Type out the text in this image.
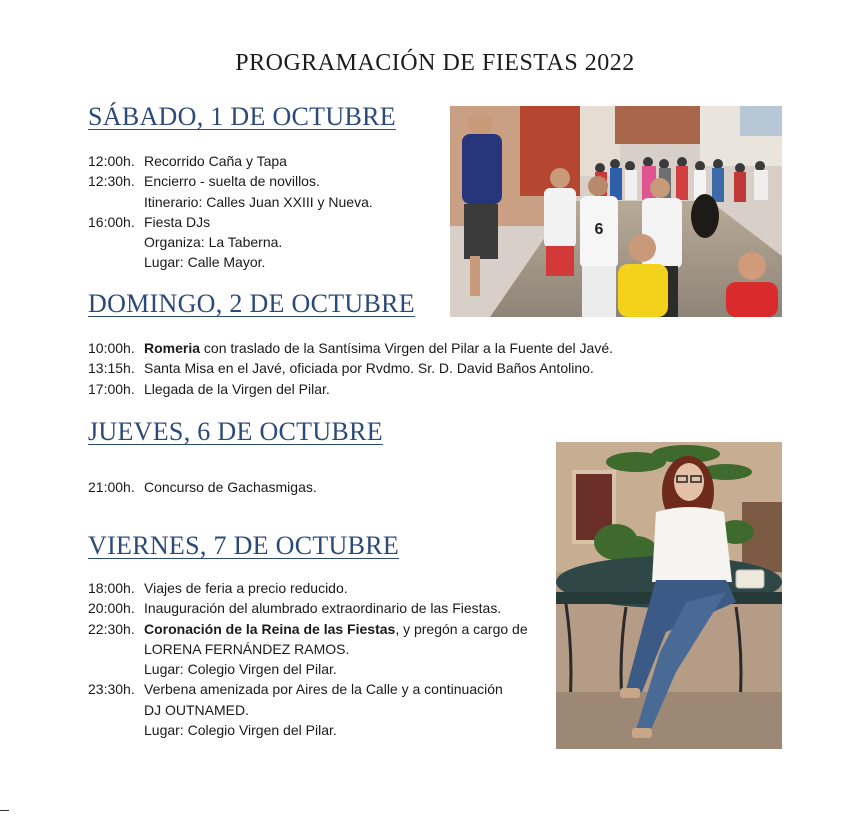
PROGRAMACIÓN DE FIESTAS 2022
SÁBADO, 1 DE OCTUBRE
12:00h. Recorrido Caña y Tapa
12:30h. Encierro - suelta de novillos.
Itinerario: Calles Juan XXIII y Nueva.
16:00h. Fiesta DJs
Organiza: La Taberna.
Lugar: Calle Mayor.
DOMINGO, 2 DE OCTUBRE
10:00h. Romeria con traslado de la Santísima Virgen del Pilar a la Fuente del Javé.
13:15h. Santa Misa en el Javé, oficiada por Rvdmo. Sr. D. David Baños Antolino.
17:00h. Llegada de la Virgen del Pilar.
JUEVES, 6 DE OCTUBRE
21:00h. Concurso de Gachasmigas.
VIERNES, 7 DE OCTUBRE
18:00h. Viajes de feria a precio reducido.
20:00h. Inauguración del alumbrado extraordinario de las Fiestas.
22:30h. Coronación de la Reina de las Fiestas, y pregón a cargo de
LORENA FERNÁNDEZ RAMOS.
Lugar: Colegio Virgen del Pilar.
23:30h. Verbena amenizada por Aires de la Calle y a continuación
DJ OUTNAMED.
Lugar: Colegio Virgen del Pilar.
6
